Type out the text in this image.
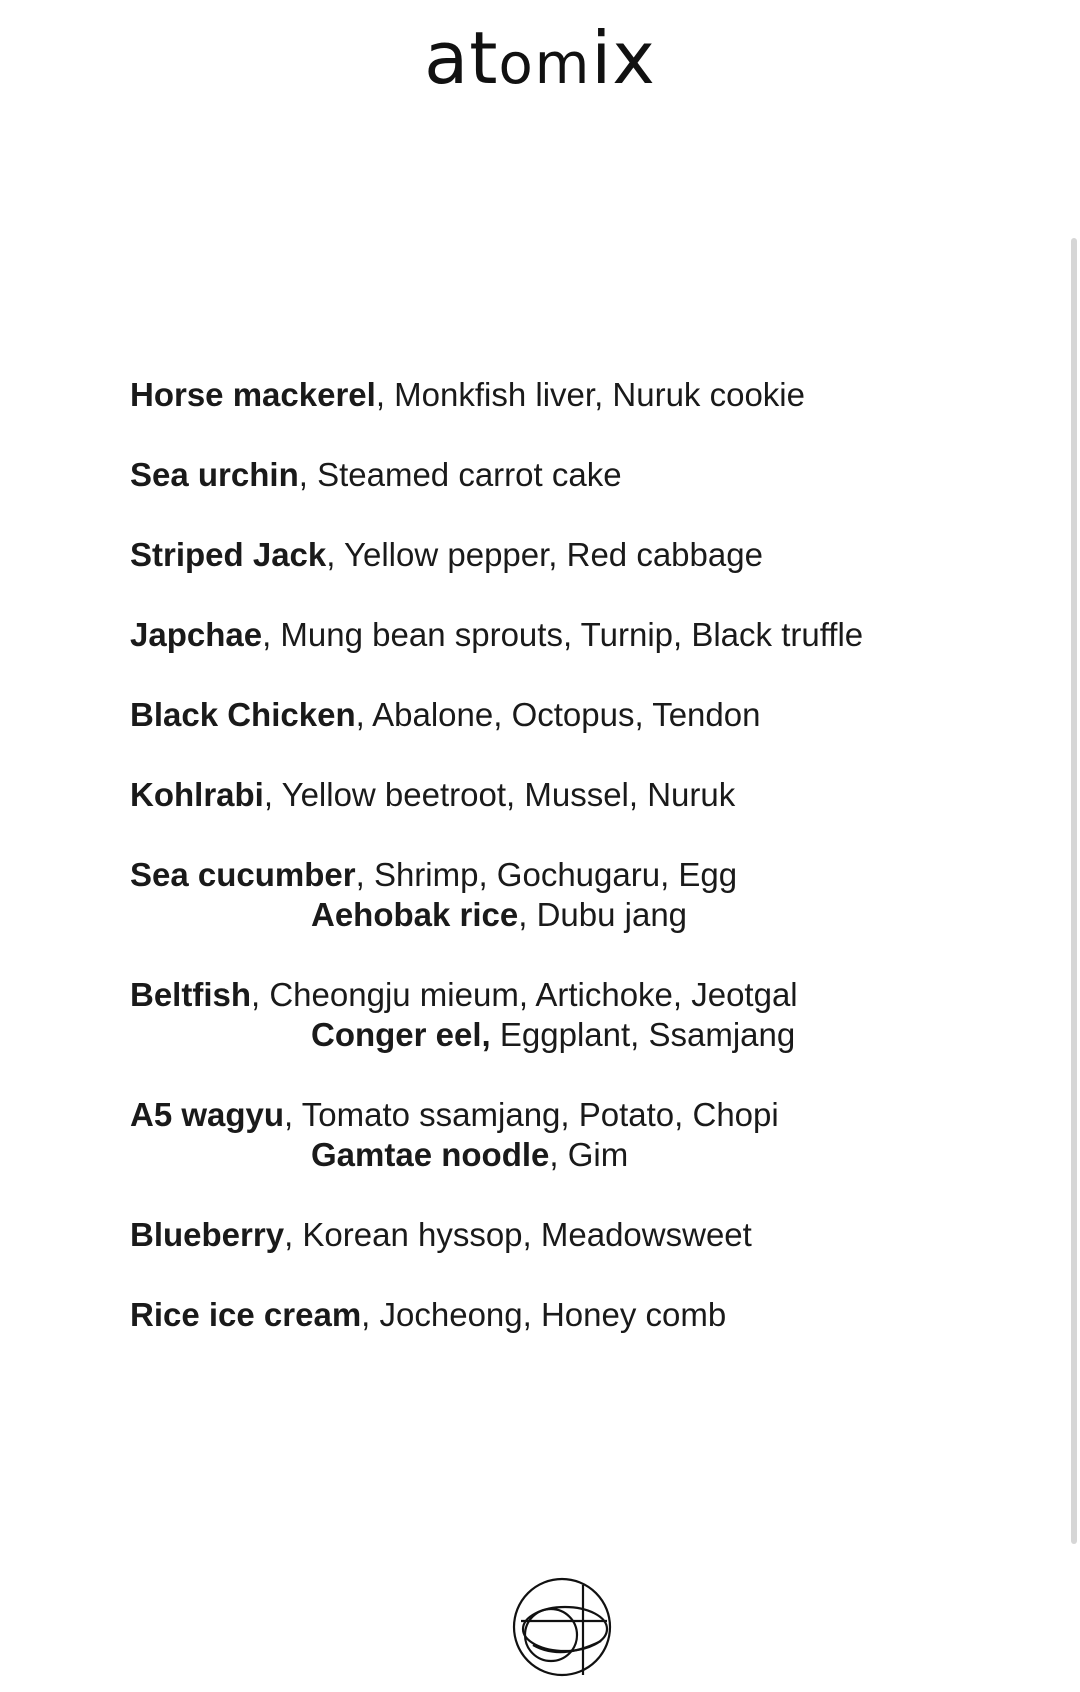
atomix
Horse mackerel, Monkfish liver, Nuruk cookie
Sea urchin, Steamed carrot cake
Striped Jack, Yellow pepper, Red cabbage
Japchae, Mung bean sprouts, Turnip, Black truffle
Black Chicken, Abalone, Octopus, Tendon
Kohlrabi, Yellow beetroot, Mussel, Nuruk
Sea cucumber, Shrimp, Gochugaru, Egg
Aehobak rice, Dubu jang
Beltfish, Cheongju mieum, Artichoke, Jeotgal
Conger eel, Eggplant, Ssamjang
A5 wagyu, Tomato ssamjang, Potato, Chopi
Gamtae noodle, Gim
Blueberry, Korean hyssop, Meadowsweet
Rice ice cream, Jocheong, Honey comb
